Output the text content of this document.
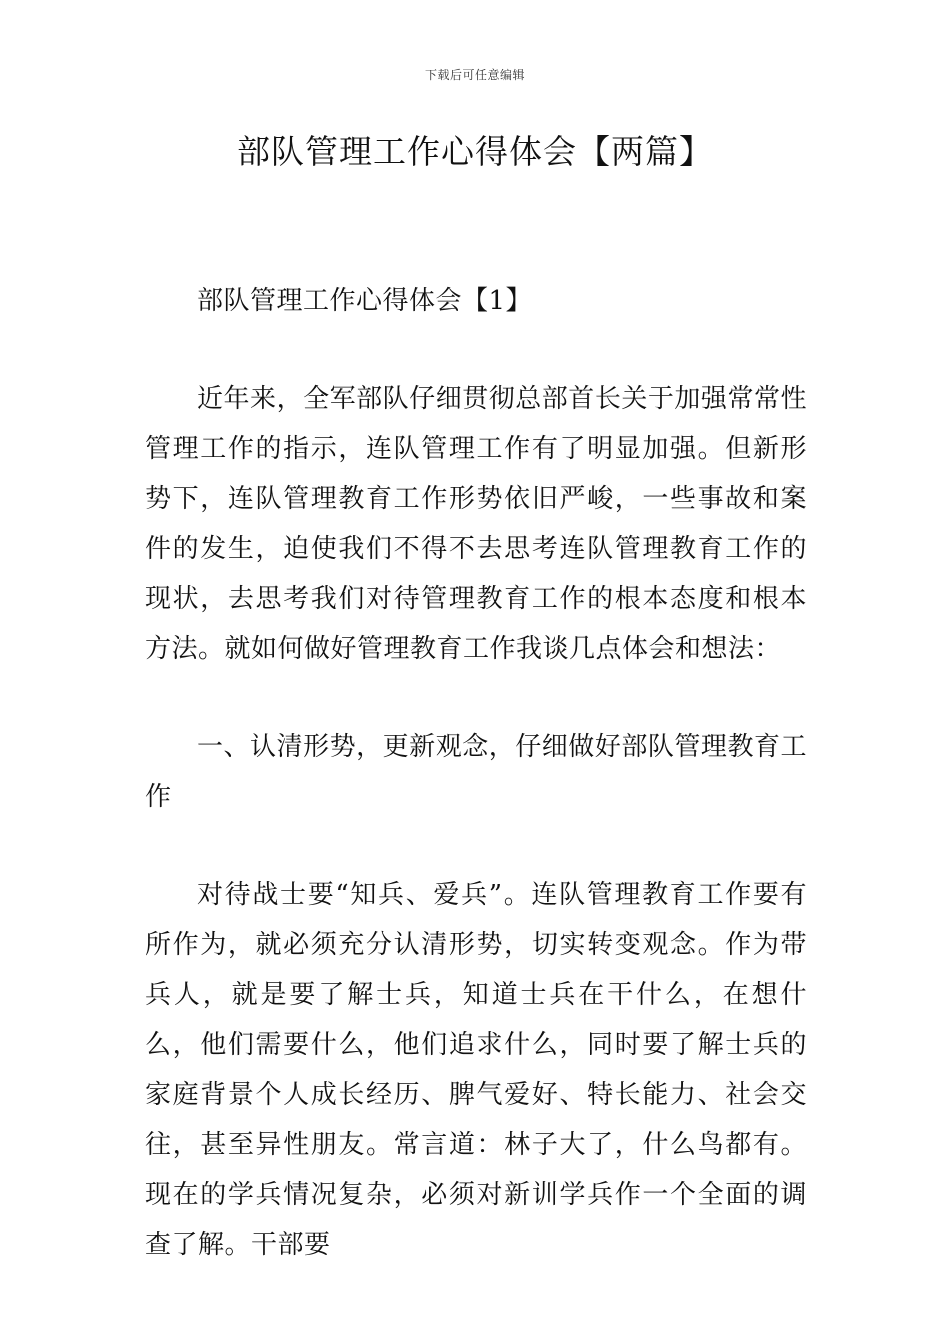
下载后可任意编辑
部队管理工作心得体会【两篇】

部队管理工作心得体会【1】

近年来，全军部队仔细贯彻总部首长关于加强常常性管理工作的指示，连队管理工作有了明显加强。但新形势下，连队管理教育工作形势依旧严峻，一些事故和案件的发生，迫使我们不得不去思考连队管理教育工作的现状，去思考我们对待管理教育工作的根本态度和根本方法。就如何做好管理教育工作我谈几点体会和想法：

一、认清形势，更新观念，仔细做好部队管理教育工作

对待战士要“知兵、爱兵”。连队管理教育工作要有所作为，就必须充分认清形势，切实转变观念。作为带兵人，就是要了解士兵，知道士兵在干什么，在想什么，他们需要什么，他们追求什么，同时要了解士兵的家庭背景个人成长经历、脾气爱好、特长能力、社会交往，甚至异性朋友。常言道：林子大了，什么鸟都有。现在的学兵情况复杂，必须对新训学兵作一个全面的调查了解。干部要
